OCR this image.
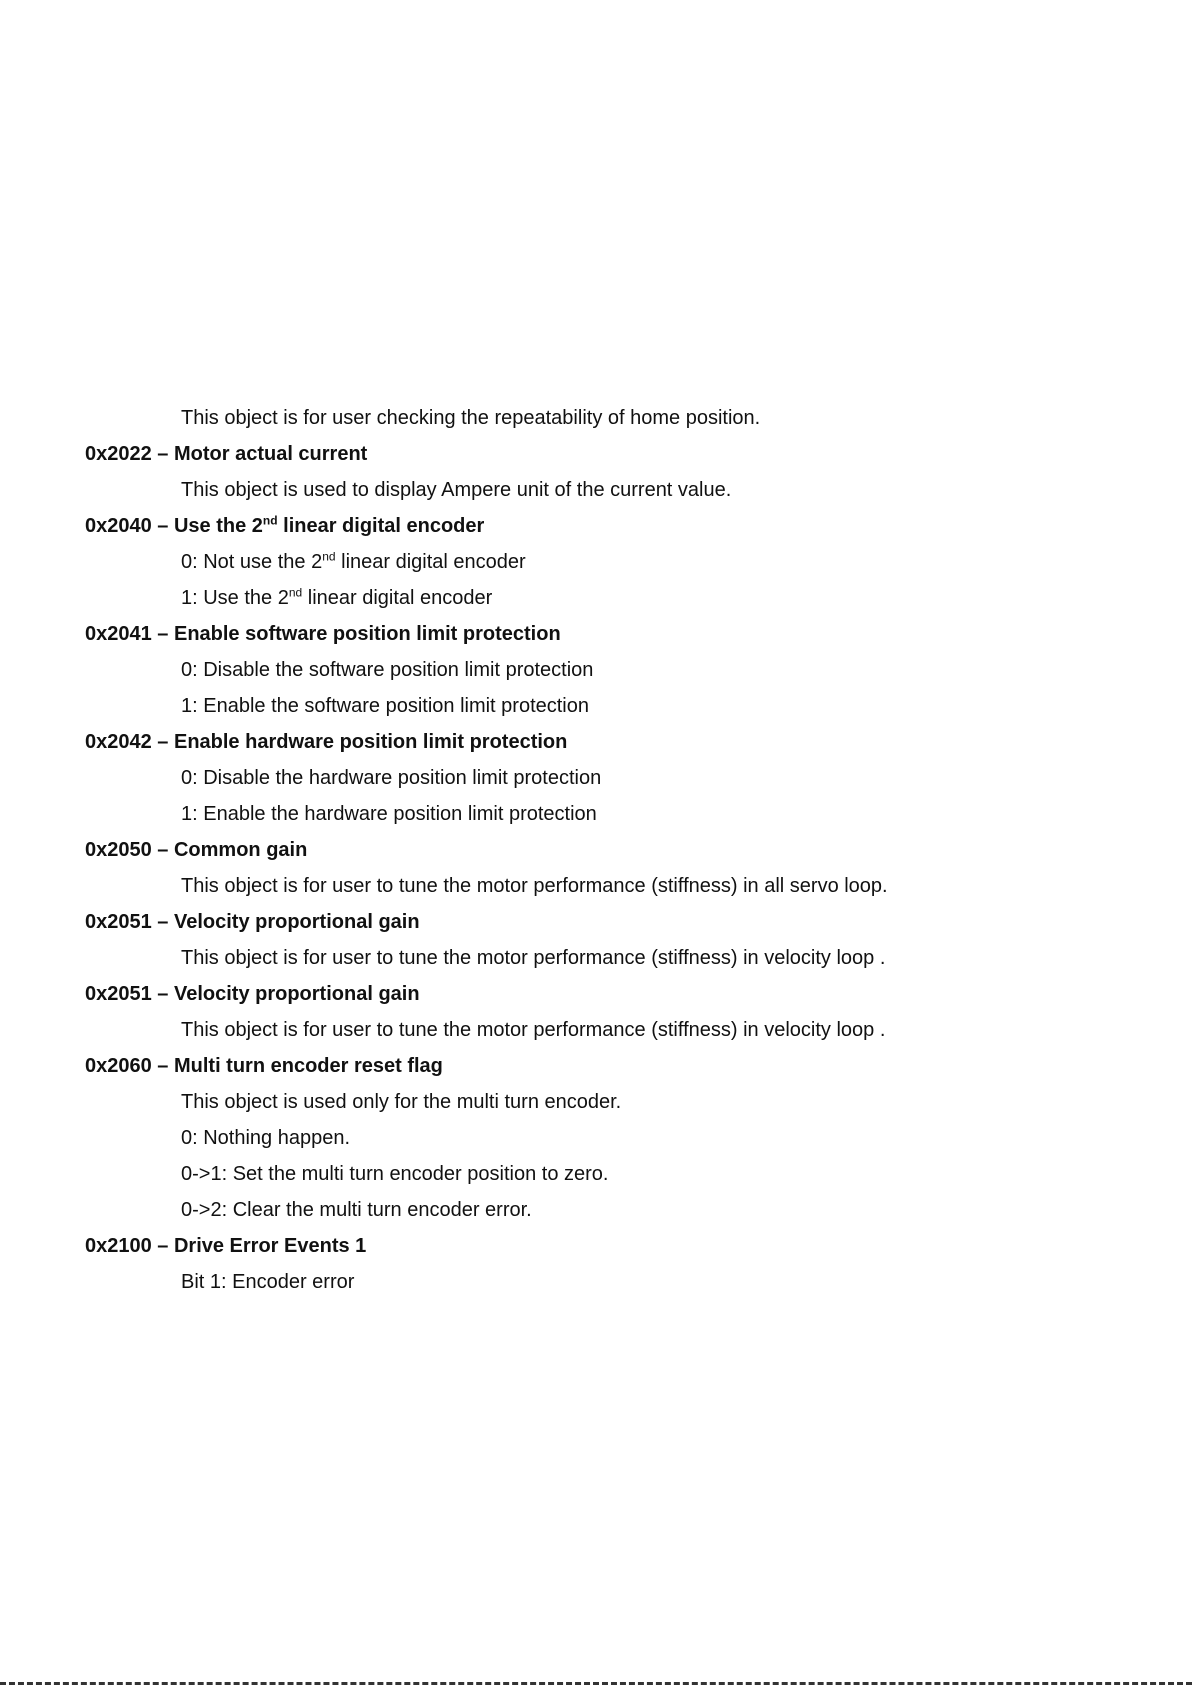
This object is for user checking the repeatability of home position.
0x2022 – Motor actual current
This object is used to display Ampere unit of the current value.
0x2040 – Use the 2nd linear digital encoder
0: Not use the 2nd linear digital encoder
1: Use the 2nd linear digital encoder
0x2041 – Enable software position limit protection
0: Disable the software position limit protection
1: Enable the software position limit protection
0x2042 – Enable hardware position limit protection
0: Disable the hardware position limit protection
1: Enable the hardware position limit protection
0x2050 – Common gain
This object is for user to tune the motor performance (stiffness) in all servo loop.
0x2051 – Velocity proportional gain
This object is for user to tune the motor performance (stiffness) in velocity loop .
0x2051 – Velocity proportional gain
This object is for user to tune the motor performance (stiffness) in velocity loop .
0x2060 – Multi turn encoder reset flag
This object is used only for the multi turn encoder.
0: Nothing happen.
0->1: Set the multi turn encoder position to zero.
0->2: Clear the multi turn encoder error.
0x2100 – Drive Error Events 1
Bit 1: Encoder error
